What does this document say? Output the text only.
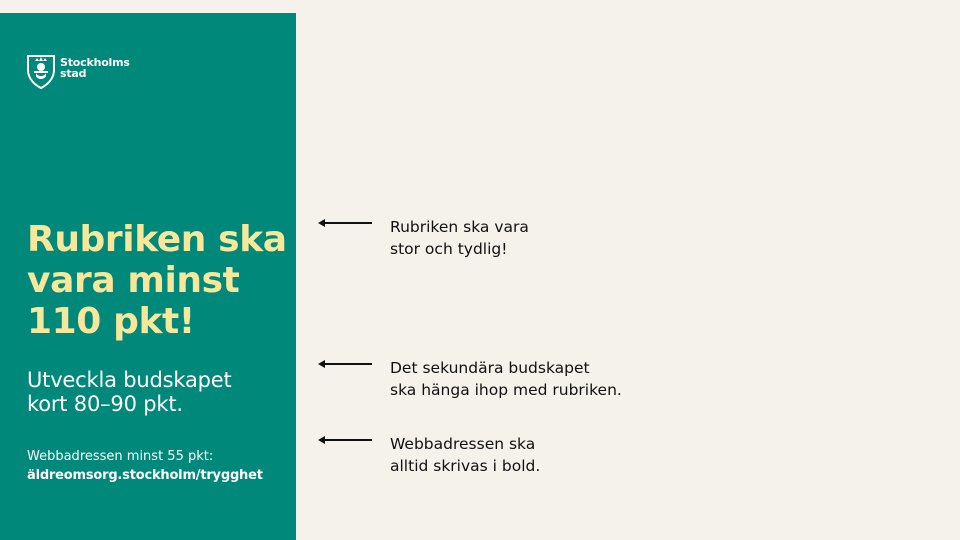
Stockholms
stad
Rubriken ska
vara minst
110 pkt!

Utveckla budskapet
kort 80–90 pkt.

Webbadressen minst 55 pkt:
äldreomsorg.stockholm/trygghet

Rubriken ska vara
stor och tydlig!
Det sekundära budskapet
ska hänga ihop med rubriken.
Webbadressen ska
alltid skrivas i bold.
